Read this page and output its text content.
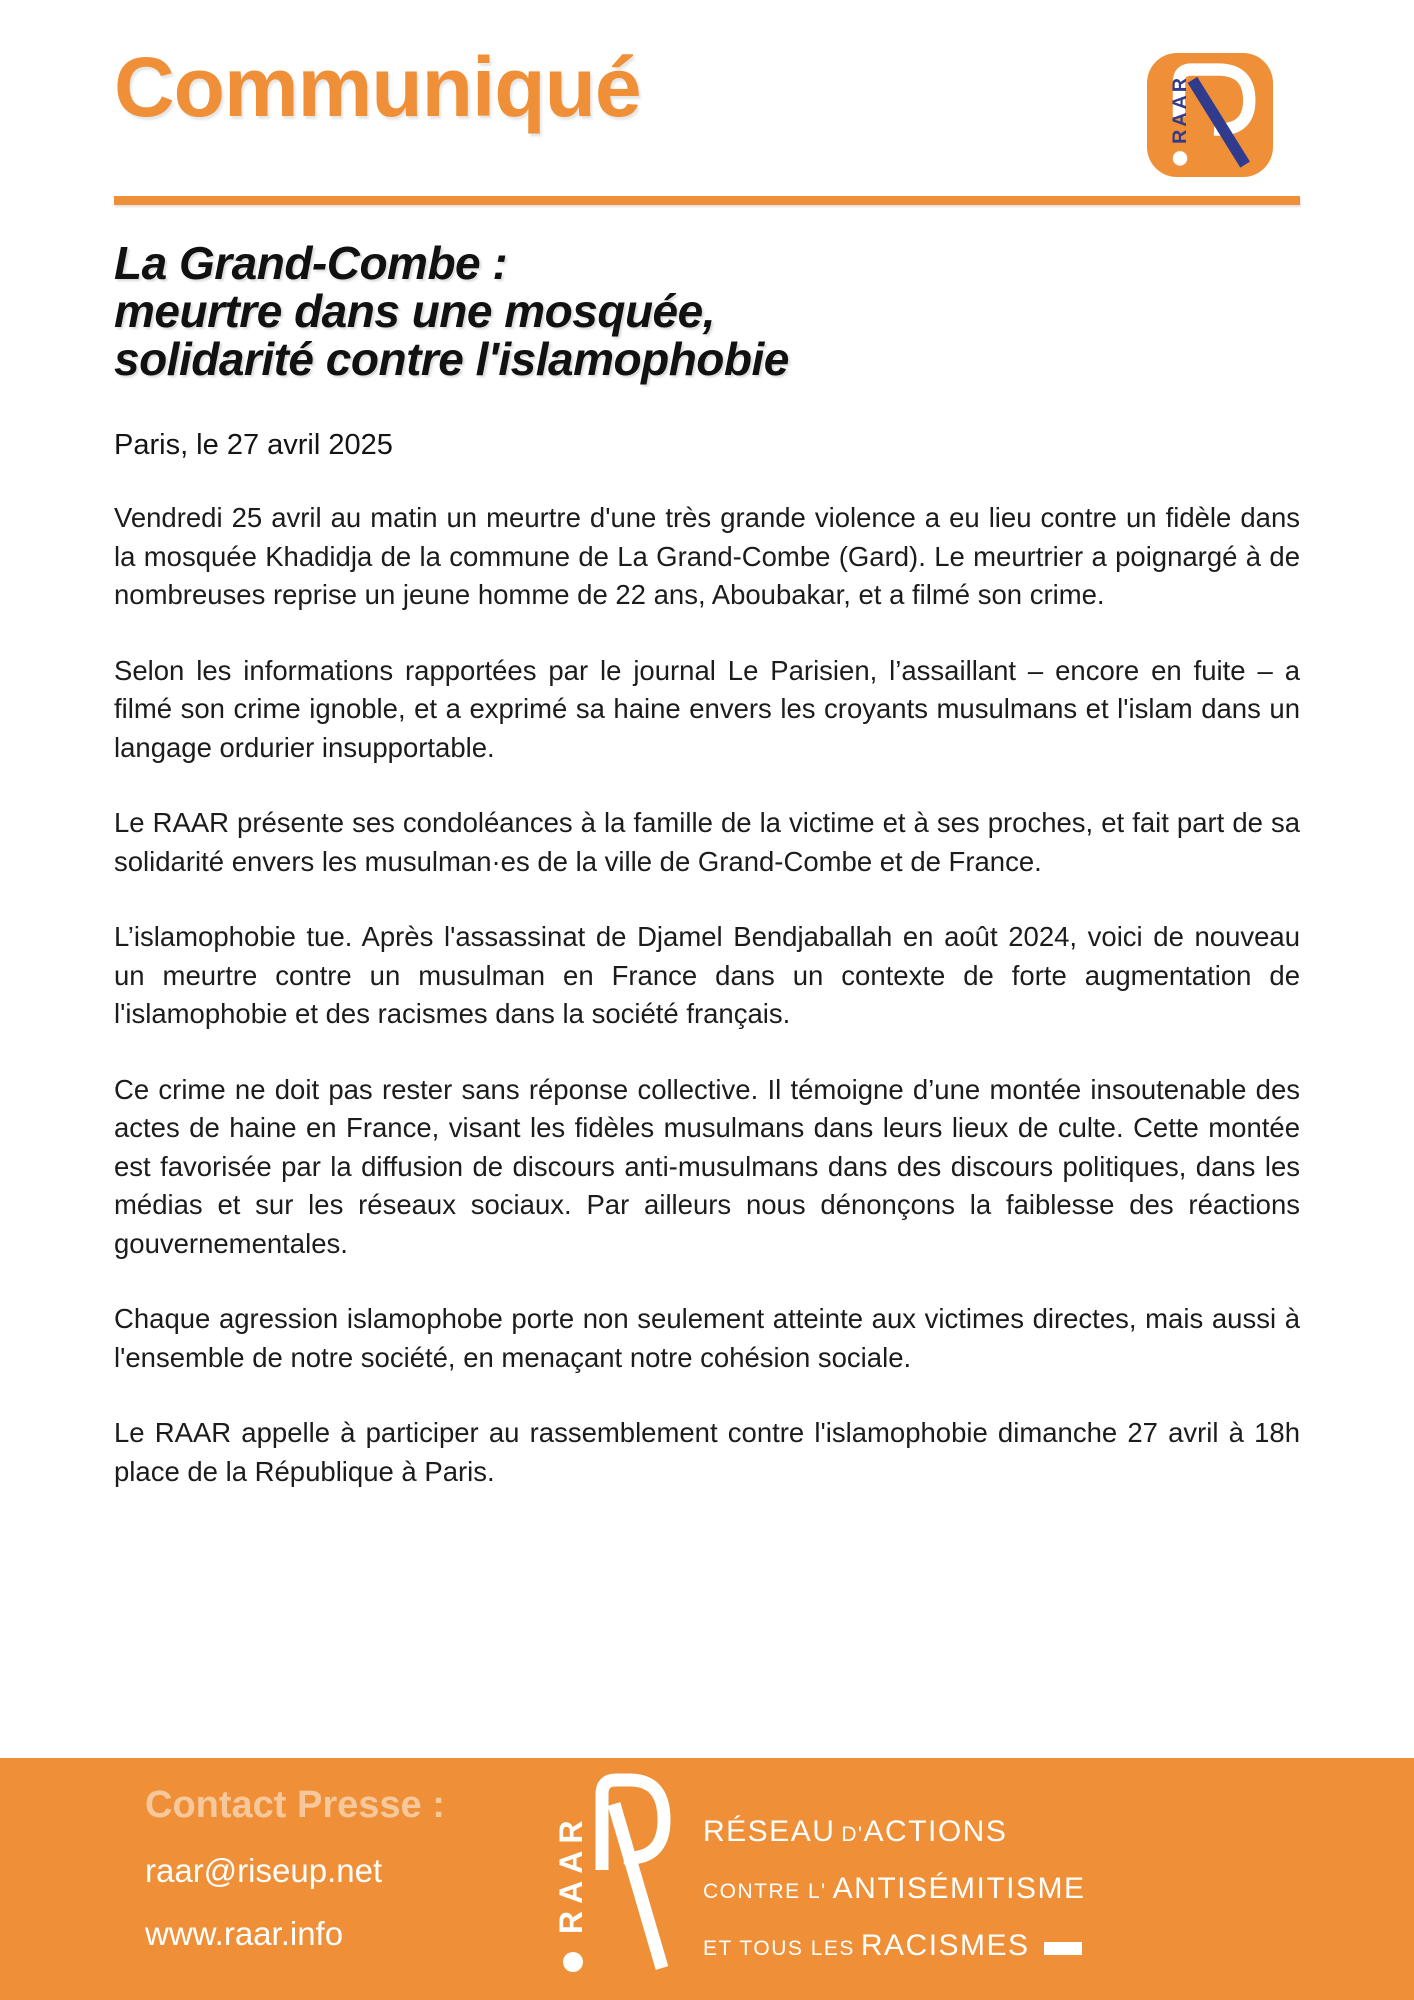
Communiqué
La Grand-Combe :
meurtre dans une mosquée,
solidarité contre l'islamophobie
Paris, le 27 avril 2025

Vendredi 25 avril au matin un meurtre d'une très grande violence a eu lieu contre un fidèle dans la mosquée Khadidja de la commune de La Grand-Combe (Gard). Le meurtrier a poignargé à de nombreuses reprise un jeune homme de 22 ans, Aboubakar, et a filmé son crime.

Selon les informations rapportées par le journal Le Parisien, l’assaillant – encore en fuite – a filmé son crime ignoble, et a exprimé sa haine envers les croyants musulmans et l'islam dans un langage ordurier insupportable.

Le RAAR présente ses condoléances à la famille de la victime et à ses proches, et fait part de sa solidarité envers les musulman·es de la ville de Grand-Combe et de France.

L’islamophobie tue. Après l'assassinat de Djamel Bendjaballah en août 2024, voici de nouveau un meurtre contre un musulman en France dans un contexte de forte augmentation de l'islamophobie et des racismes dans la société français.

Ce crime ne doit pas rester sans réponse collective. Il témoigne d’une montée insoutenable des actes de haine en France, visant les fidèles musulmans dans leurs lieux de culte. Cette montée est favorisée par la diffusion de discours anti-musulmans dans des discours politiques, dans les médias et sur les réseaux sociaux. Par ailleurs nous dénonçons la faiblesse des réactions gouvernementales.

Chaque agression islamophobe porte non seulement atteinte aux victimes directes, mais aussi à l'ensemble de notre société, en menaçant notre cohésion sociale.

Le RAAR appelle à participer au rassemblement contre l'islamophobie dimanche 27 avril à 18h place de la République à Paris.

RAAR
Contact Presse :
raar@riseup.net
www.raar.info	RAAR	RÉSEAU D'ACTIONS
CONTRE L' ANTISÉMITISME
ET TOUS LES RACISMES
